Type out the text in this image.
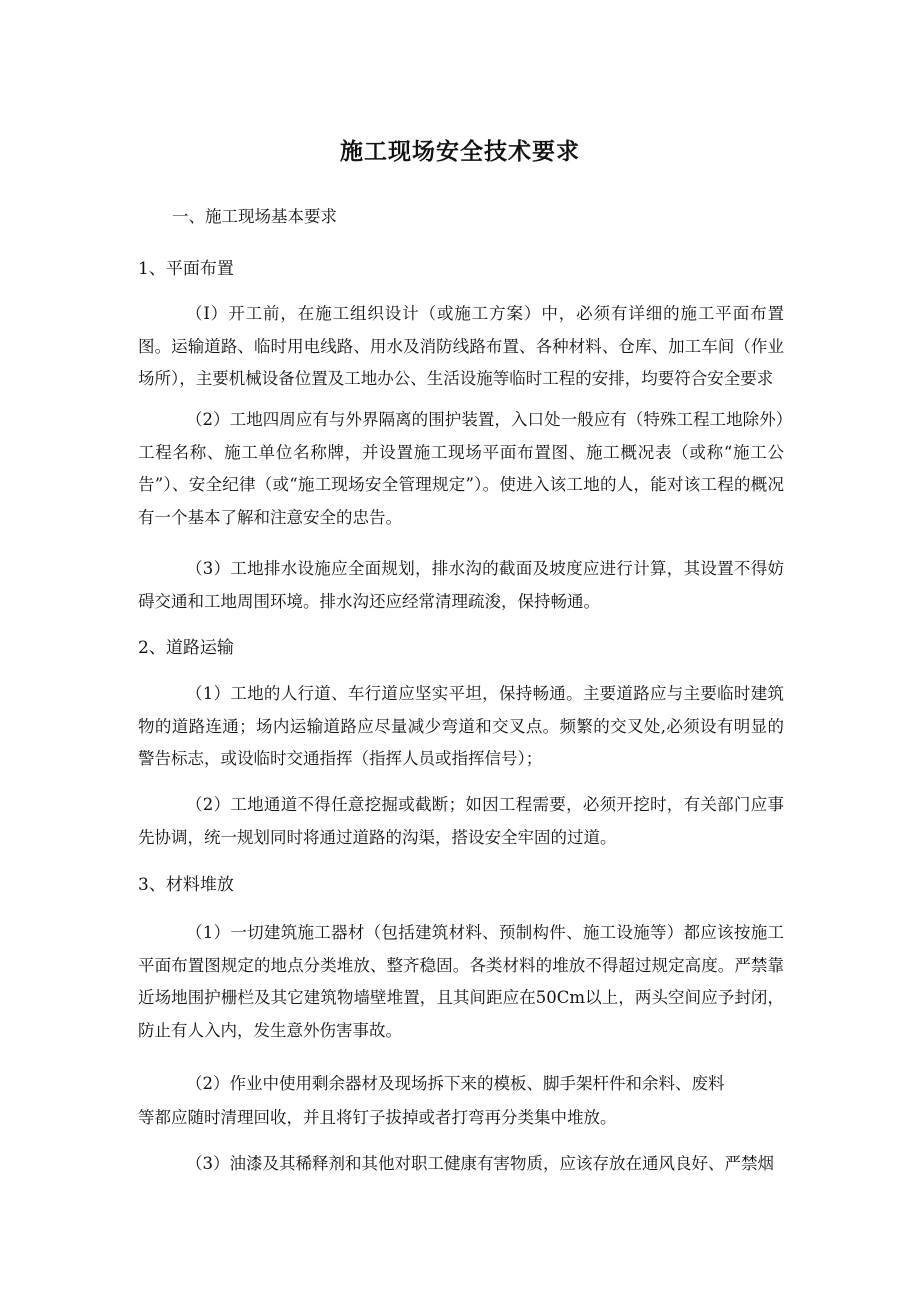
施工现场安全技术要求
一、施工现场基本要求
1、平面布置
（I）开工前，在施工组织设计（或施工方案）中，必须有详细的施工平面布置图。运输道路、临时用电线路、用水及消防线路布置、各种材料、仓库、加工车间（作业场所），主要机械设备位置及工地办公、生活设施等临时工程的安排，均要符合安全要求
（2）工地四周应有与外界隔离的围护装置，入口处一般应有（特殊工程工地除外）工程名称、施工单位名称牌，并设置施工现场平面布置图、施工概况表（或称“施工公告”）、安全纪律（或“施工现场安全管理规定”）。使进入该工地的人，能对该工程的概况有一个基本了解和注意安全的忠告。
（3）工地排水设施应全面规划，排水沟的截面及坡度应进行计算，其设置不得妨碍交通和工地周围环境。排水沟还应经常清理疏浚，保持畅通。
2、道路运输
（1）工地的人行道、车行道应坚实平坦，保持畅通。主要道路应与主要临时建筑物的道路连通；场内运输道路应尽量减少弯道和交叉点。频繁的交叉处,必须设有明显的警告标志，或设临时交通指挥（指挥人员或指挥信号）；
（2）工地通道不得任意挖掘或截断；如因工程需要，必须开挖时，有关部门应事先协调，统一规划同时将通过道路的沟渠，搭设安全牢固的过道。
3、材料堆放
（1）一切建筑施工器材（包括建筑材料、预制构件、施工设施等）都应该按施工平面布置图规定的地点分类堆放、整齐稳固。各类材料的堆放不得超过规定高度。严禁靠近场地围护栅栏及其它建筑物墙壁堆置，且其间距应在50Cm以上，两头空间应予封闭，防止有人入内，发生意外伤害事故。
（2）作业中使用剩余器材及现场拆下来的模板、脚手架杆件和余料、废料
等都应随时清理回收，并且将钉子拔掉或者打弯再分类集中堆放。
（3）油漆及其稀释剂和其他对职工健康有害物质，应该存放在通风良好、严禁烟
